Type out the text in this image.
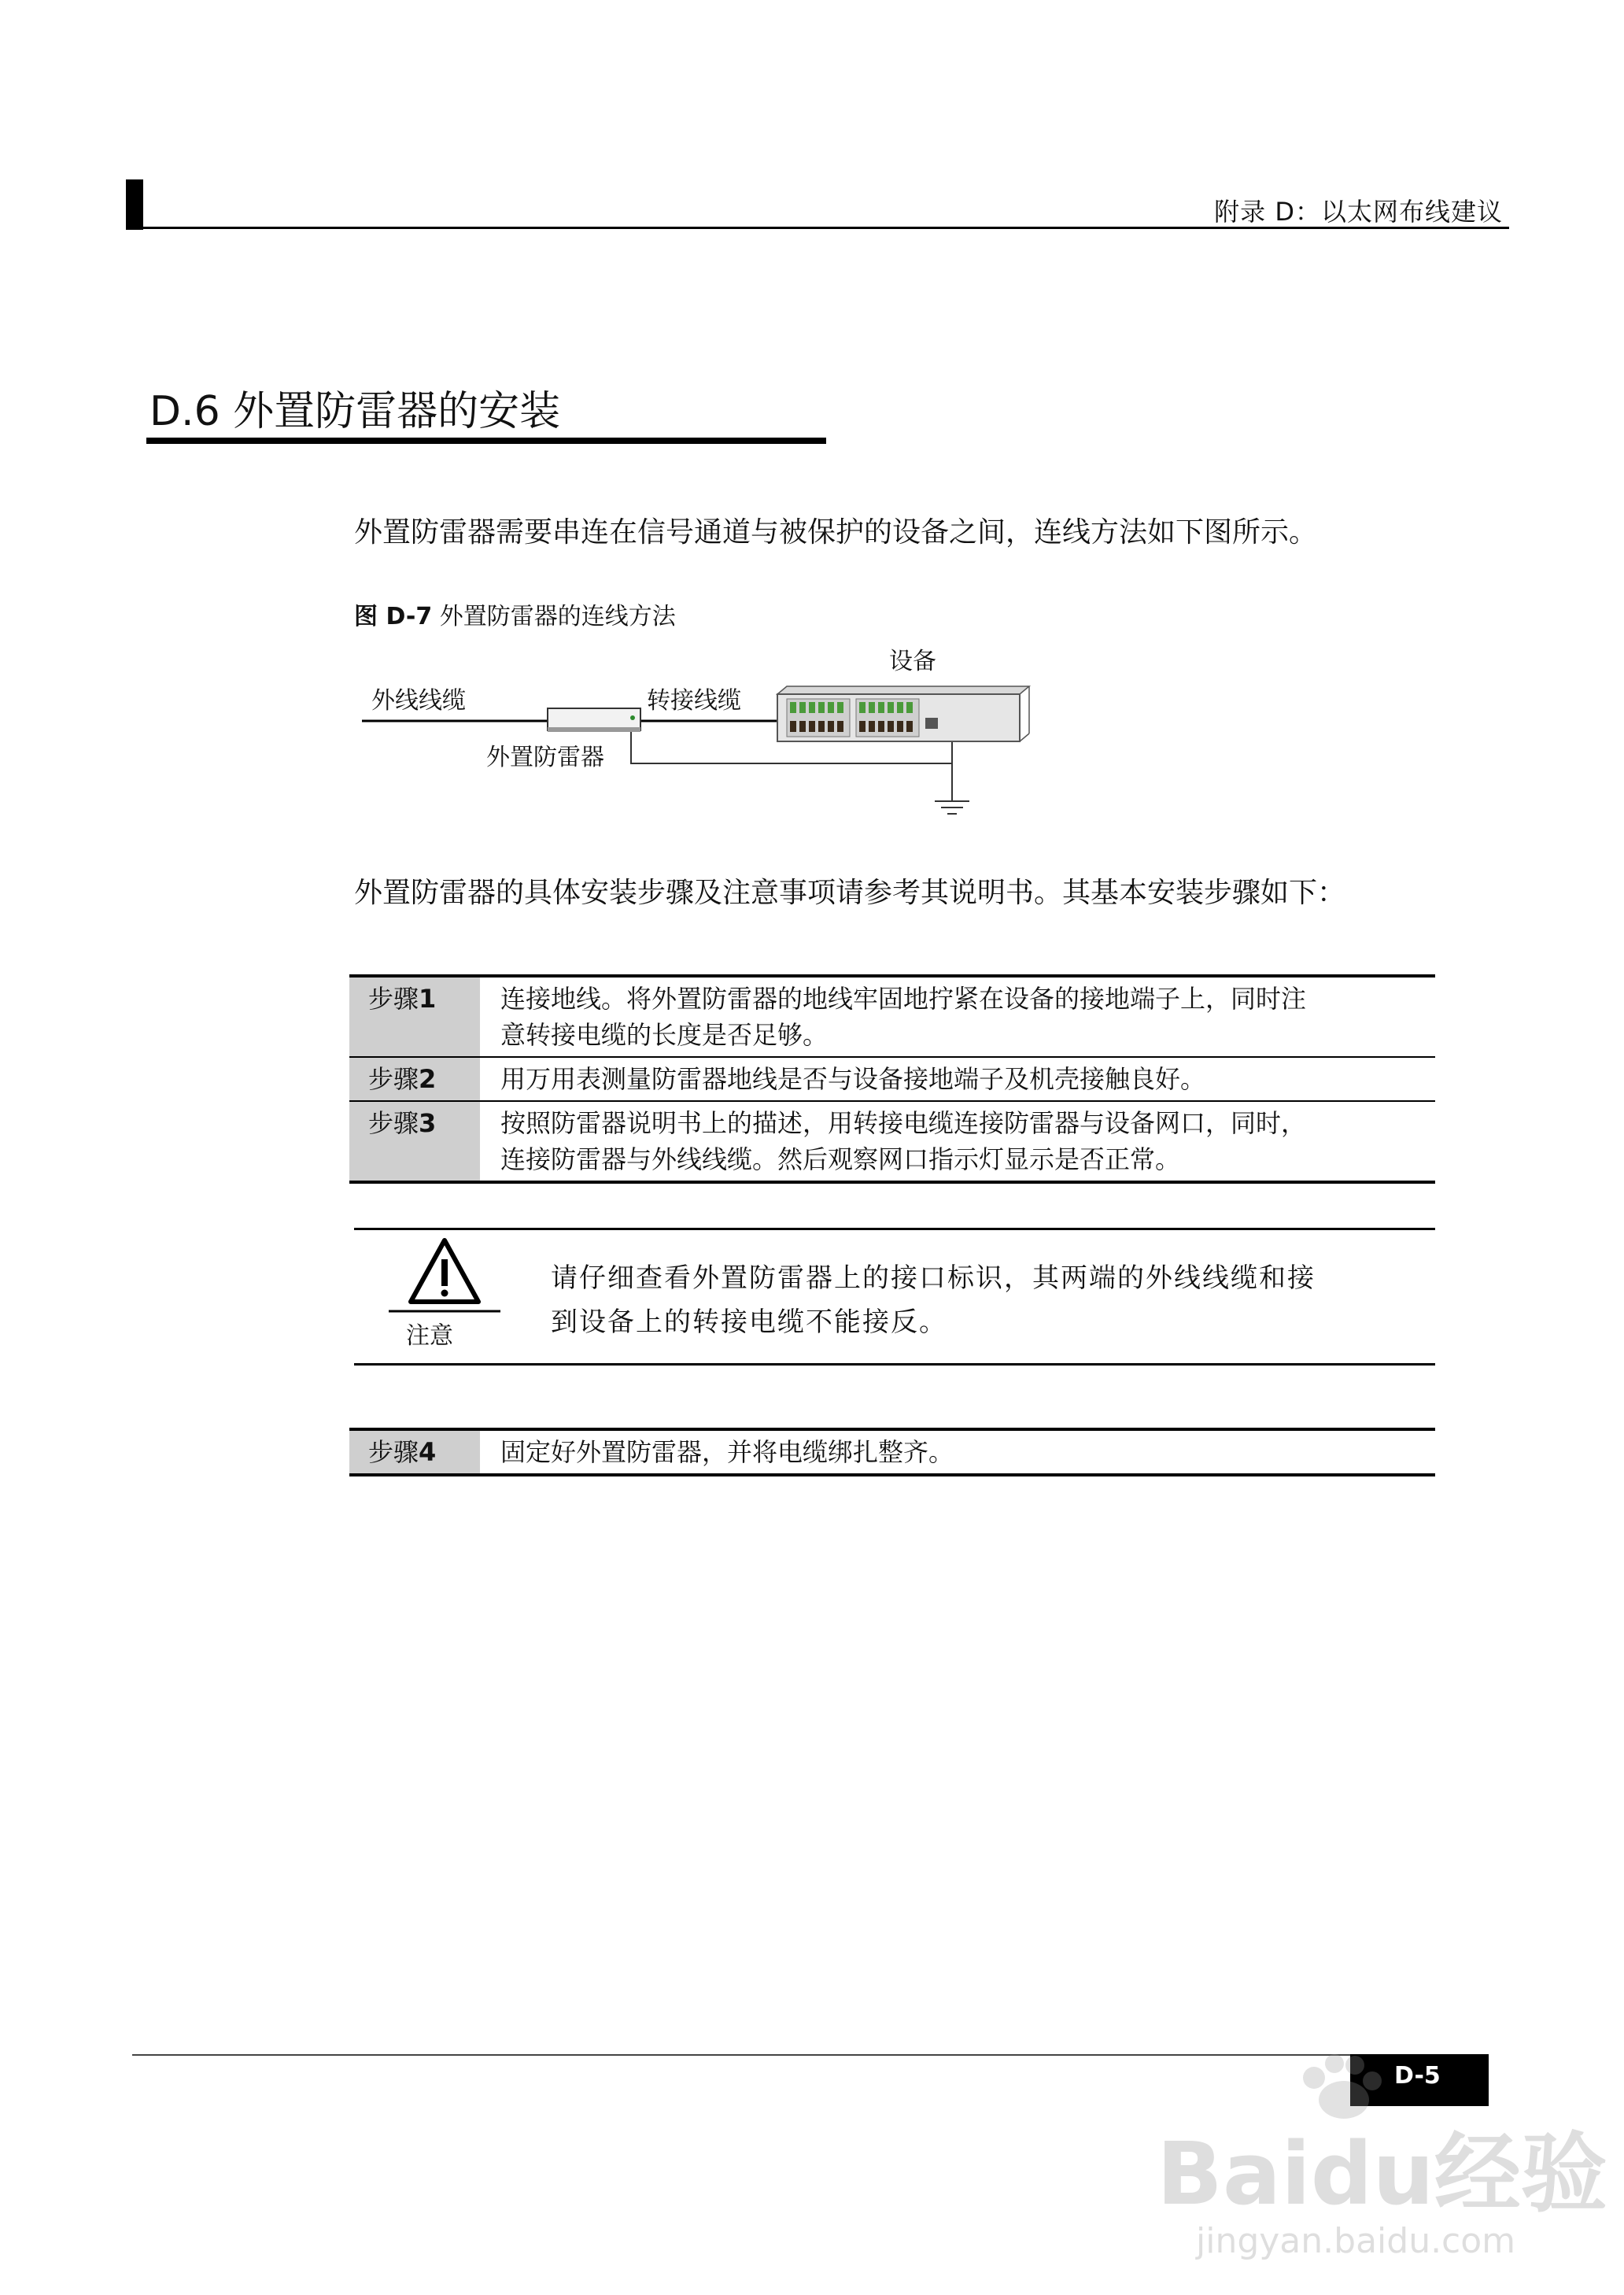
附录 D：以太网布线建议
D.6 外置防雷器的安装
外置防雷器需要串连在信号通道与被保护的设备之间，连线方法如下图所示。
图 D-7 外置防雷器的连线方法
设备
外线线缆	转接线缆
外置防雷器
外置防雷器的具体安装步骤及注意事项请参考其说明书。其基本安装步骤如下：
步骤1	连接地线。将外置防雷器的地线牢固地拧紧在设备的接地端子上，同时注
意转接电缆的长度是否足够。

步骤2	用万用表测量防雷器地线是否与设备接地端子及机壳接触良好。

步骤3	按照防雷器说明书上的描述，用转接电缆连接防雷器与设备网口，同时，
连接防雷器与外线线缆。然后观察网口指示灯显示是否正常。
注意
请仔细查看外置防雷器上的接口标识，其两端的外线线缆和接
到设备上的转接电缆不能接反。
步骤4	固定好外置防雷器，并将电缆绑扎整齐。
D-5
Baidu经验
jingyan.baidu.com
